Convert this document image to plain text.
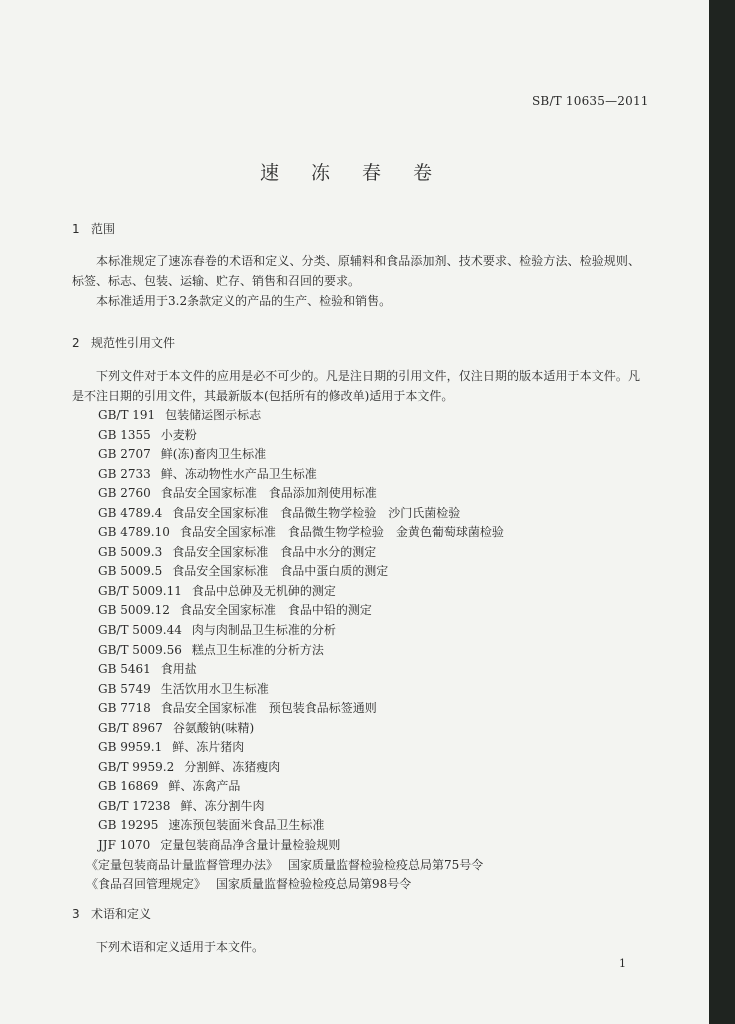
SB/T 10635—2011
速 冻 春 卷
1 范围
本标准规定了速冻春卷的术语和定义、分类、原辅料和食品添加剂、技术要求、检验方法、检验规则、标签、标志、包装、运输、贮存、销售和召回的要求。
本标准适用于3.2条款定义的产品的生产、检验和销售。
2 规范性引用文件
下列文件对于本文件的应用是必不可少的。凡是注日期的引用文件，仅注日期的版本适用于本文件。凡是不注日期的引用文件，其最新版本(包括所有的修改单)适用于本文件。
GB/T 191 包装储运图示标志
GB 1355 小麦粉
GB 2707 鲜(冻)畜肉卫生标准
GB 2733 鲜、冻动物性水产品卫生标准
GB 2760 食品安全国家标准　食品添加剂使用标准
GB 4789.4 食品安全国家标准　食品微生物学检验　沙门氏菌检验
GB 4789.10 食品安全国家标准　食品微生物学检验　金黄色葡萄球菌检验
GB 5009.3 食品安全国家标准　食品中水分的测定
GB 5009.5 食品安全国家标准　食品中蛋白质的测定
GB/T 5009.11 食品中总砷及无机砷的测定
GB 5009.12 食品安全国家标准　食品中铅的测定
GB/T 5009.44 肉与肉制品卫生标准的分析
GB/T 5009.56 糕点卫生标准的分析方法
GB 5461 食用盐
GB 5749 生活饮用水卫生标准
GB 7718 食品安全国家标准　预包装食品标签通则
GB/T 8967 谷氨酸钠(味精)
GB 9959.1 鲜、冻片猪肉
GB/T 9959.2 分割鲜、冻猪瘦肉
GB 16869 鲜、冻禽产品
GB/T 17238 鲜、冻分割牛肉
GB 19295 速冻预包装面米食品卫生标准
JJF 1070 定量包装商品净含量计量检验规则
《定量包装商品计量监督管理办法》 国家质量监督检验检疫总局第75号令
《食品召回管理规定》 国家质量监督检验检疫总局第98号令
3 术语和定义
下列术语和定义适用于本文件。
1
